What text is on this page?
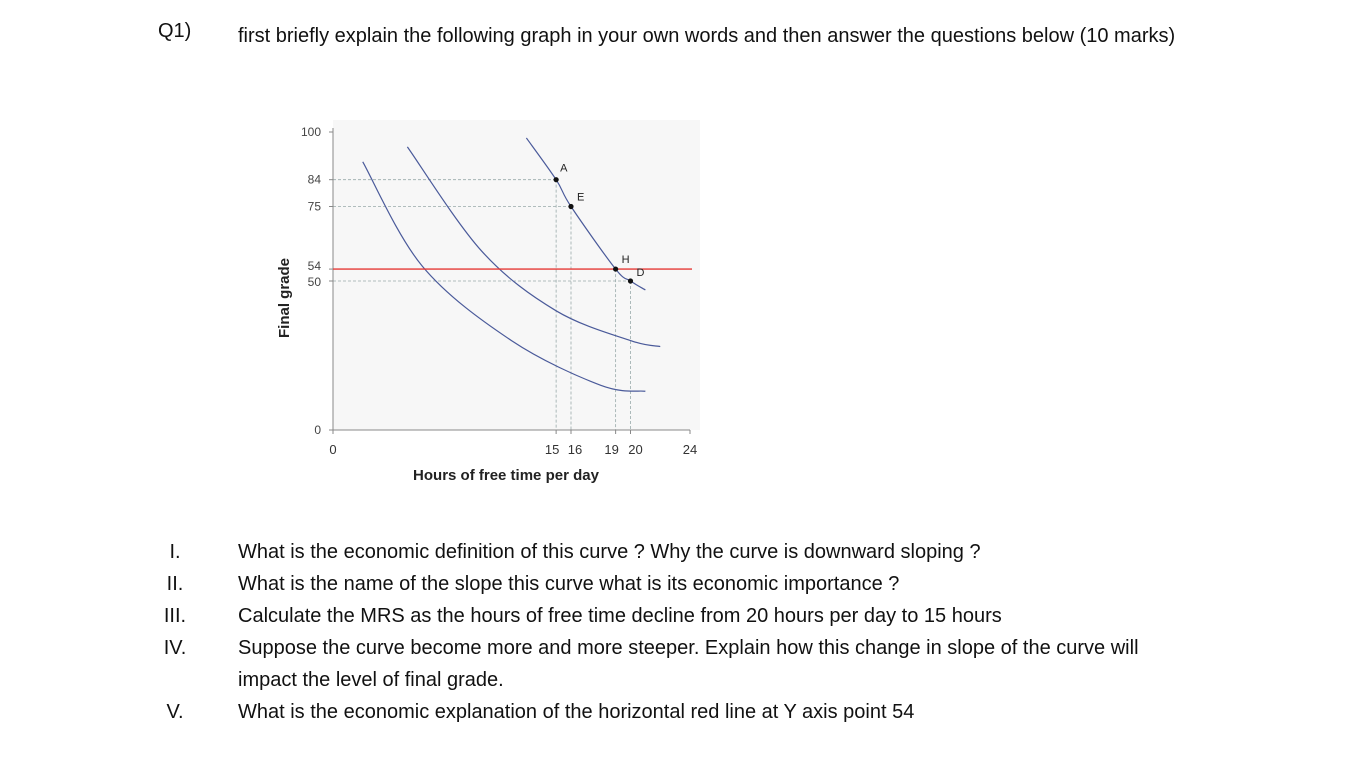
Q1) first briefly explain the following graph in your own words and then answer the questions below (10 marks)
A
E
H
D
0
50
54
75
84
100
0	15 16 19 20	24
Hours of free time per day
Final grade
I.	What is the economic definition of this curve ? Why the curve is downward sloping ?
II.	What is the name of the slope this curve what is its economic importance ?
III.	Calculate the MRS as the hours of free time decline from 20 hours per day to 15 hours
IV.	Suppose the curve become more and more steeper. Explain how this change in slope of the curve will impact the level of final grade.
V.	What is the economic explanation of the horizontal red line at Y axis point 54
